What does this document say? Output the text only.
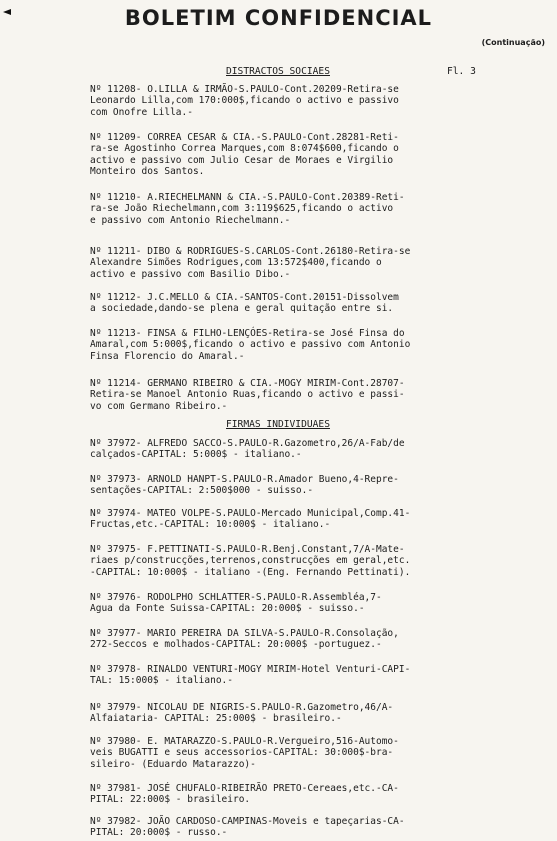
BOLETIM CONFIDENCIAL
(Continuação)
DISTRACTOS SOCIAES	Fl. 3
FIRMAS INDIVIDUAES
Nº 11208- O.LILLA & IRMÃO-S.PAULO-Cont.20209-Retira-se
Leonardo Lilla,com 170:000$,ficando o activo e passivo
com Onofre Lilla.-
Nº 11209- CORREA CESAR & CIA.-S.PAULO-Cont.28281-Reti-
ra-se Agostinho Correa Marques,com 8:074$600,ficando o
activo e passivo com Julio Cesar de Moraes e Virgilio
Monteiro dos Santos.
Nº 11210- A.RIECHELMANN & CIA.-S.PAULO-Cont.20389-Reti-
ra-se João Riechelmann,com 3:119$625,ficando o activo
e passivo com Antonio Riechelmann.-
Nº 11211- DIBO & RODRIGUES-S.CARLOS-Cont.26180-Retira-se
Alexandre Simões Rodrigues,com 13:572$400,ficando o
activo e passivo com Basilio Dibo.-
Nº 11212- J.C.MELLO & CIA.-SANTOS-Cont.20151-Dissolvem
a sociedade,dando-se plena e geral quitação entre si.
Nº 11213- FINSA & FILHO-LENÇÓES-Retira-se José Finsa do
Amaral,com 5:000$,ficando o activo e passivo com Antonio
Finsa Florencio do Amaral.-
Nº 11214- GERMANO RIBEIRO & CIA.-MOGY MIRIM-Cont.28707-
Retira-se Manoel Antonio Ruas,ficando o activo e passi-
vo com Germano Ribeiro.-
Nº 37972- ALFREDO SACCO-S.PAULO-R.Gazometro,26/A-Fab/de
calçados-CAPITAL: 5:000$ - italiano.-
Nº 37973- ARNOLD HANPT-S.PAULO-R.Amador Bueno,4-Repre-
sentações-CAPITAL: 2:500$000 - suisso.-
Nº 37974- MATEO VOLPE-S.PAULO-Mercado Municipal,Comp.41-
Fructas,etc.-CAPITAL: 10:000$ - italiano.-
Nº 37975- F.PETTINATI-S.PAULO-R.Benj.Constant,7/A-Mate-
riaes p/construcções,terrenos,construcções em geral,etc.
-CAPITAL: 10:000$ - italiano -(Eng. Fernando Pettinati).
Nº 37976- RODOLPHO SCHLATTER-S.PAULO-R.Assembléa,7-
Agua da Fonte Suissa-CAPITAL: 20:000$ - suisso.-
Nº 37977- MARIO PEREIRA DA SILVA-S.PAULO-R.Consolação,
272-Seccos e molhados-CAPITAL: 20:000$ -portuguez.-
Nº 37978- RINALDO VENTURI-MOGY MIRIM-Hotel Venturi-CAPI-
TAL: 15:000$ - italiano.-
Nº 37979- NICOLAU DE NIGRIS-S.PAULO-R.Gazometro,46/A-
Alfaiataria- CAPITAL: 25:000$ - brasileiro.-
Nº 37980- E. MATARAZZO-S.PAULO-R.Vergueiro,516-Automo-
veis BUGATTI e seus accessorios-CAPITAL: 30:000$-bra-
sileiro- (Eduardo Matarazzo)-
Nº 37981- JOSÉ CHUFALO-RIBEIRÃO PRETO-Cereaes,etc.-CA-
PITAL: 22:000$ - brasileiro.
Nº 37982- JOÃO CARDOSO-CAMPINAS-Moveis e tapeçarias-CA-
PITAL: 20:000$ - russo.-
